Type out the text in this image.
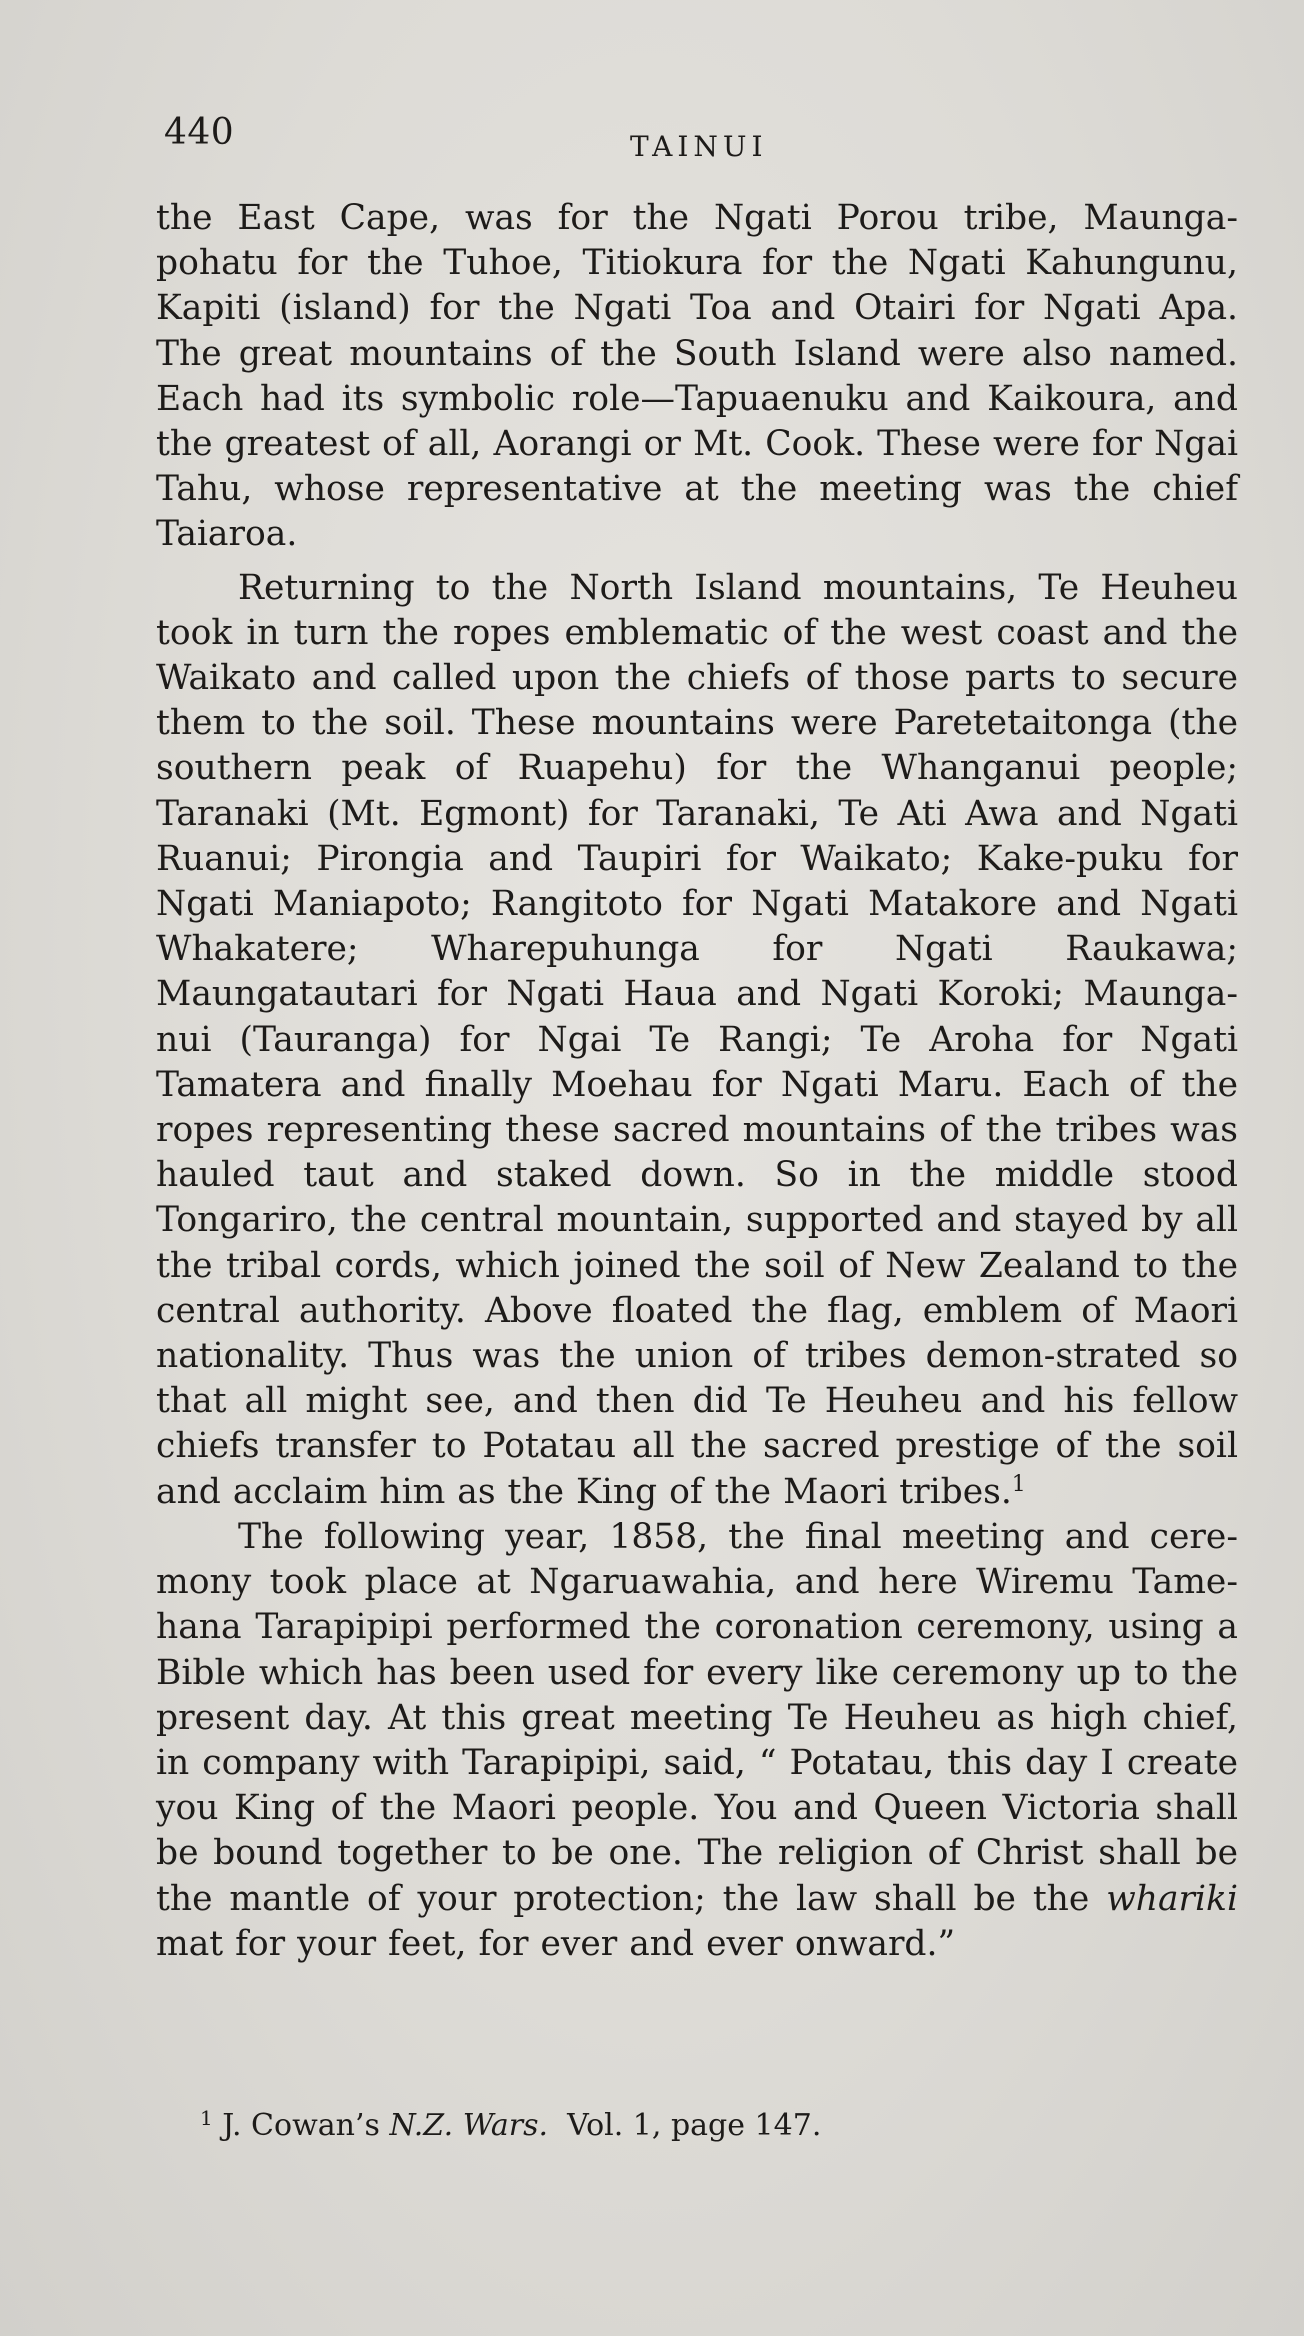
440	TAINUI

the East Cape, was for the Ngati Porou tribe, Maunga-pohatu for the Tuhoe, Titiokura for the Ngati Kahungunu, Kapiti (island) for the Ngati Toa and Otairi for Ngati Apa. The great mountains of the South Island were also named. Each had its symbolic role—Tapuaenuku and Kaikoura, and the greatest of all, Aorangi or Mt. Cook. These were for Ngai Tahu, whose representative at the meeting was the chief Taiaroa.

Returning to the North Island mountains, Te Heuheu took in turn the ropes emblematic of the west coast and the Waikato and called upon the chiefs of those parts to secure them to the soil. These mountains were Paretetaitonga (the southern peak of Ruapehu) for the Whanganui people; Taranaki (Mt. Egmont) for Taranaki, Te Ati Awa and Ngati Ruanui; Pirongia and Taupiri for Waikato; Kake-puku for Ngati Maniapoto; Rangitoto for Ngati Matakore and Ngati Whakatere; Wharepuhunga for Ngati Raukawa; Maungatautari for Ngati Haua and Ngati Koroki; Maunga-nui (Tauranga) for Ngai Te Rangi; Te Aroha for Ngati Tamatera and finally Moehau for Ngati Maru. Each of the ropes representing these sacred mountains of the tribes was hauled taut and staked down. So in the middle stood Tongariro, the central mountain, supported and stayed by all the tribal cords, which joined the soil of New Zealand to the central authority. Above floated the flag, emblem of Maori nationality. Thus was the union of tribes demon-strated so that all might see, and then did Te Heuheu and his fellow chiefs transfer to Potatau all the sacred prestige of the soil and acclaim him as the King of the Maori tribes.$^1$

The following year, 1858, the final meeting and cere-mony took place at Ngaruawahia, and here Wiremu Tame-hana Tarapipipi performed the coronation ceremony, using a Bible which has been used for every like ceremony up to the present day. At this great meeting Te Heuheu as high chief, in company with Tarapipipi, said, “ Potatau, this day I create you King of the Maori people. You and Queen Victoria shall be bound together to be one. The religion of Christ shall be the mantle of your protection; the law shall be the whariki mat for your feet, for ever and ever onward.”

$^1$ J. Cowan’s N.Z. Wars. Vol. 1, page 147.
